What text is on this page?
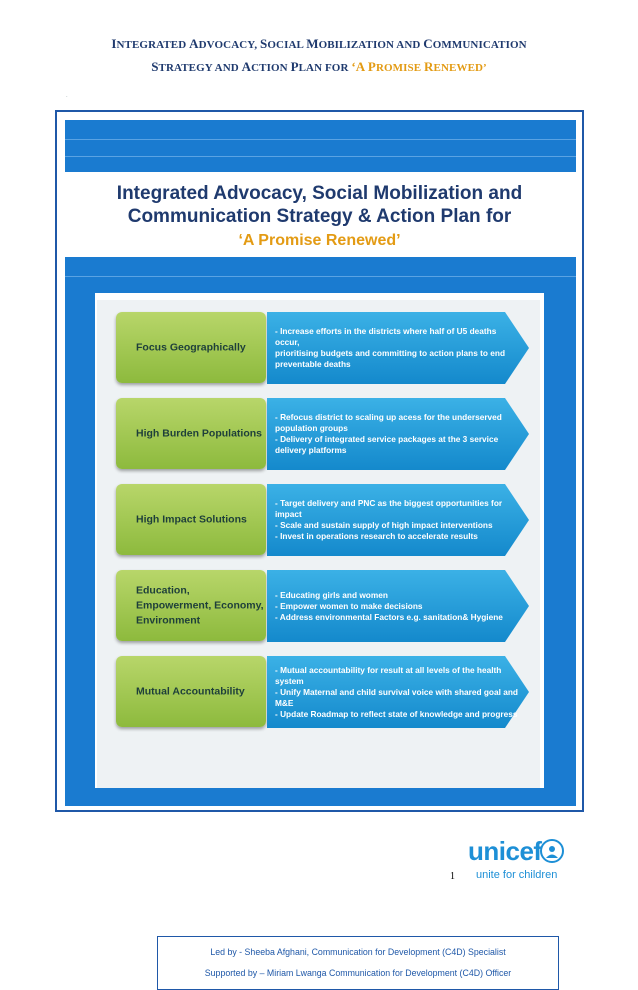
INTEGRATED ADVOCACY, SOCIAL MOBILIZATION AND COMMUNICATION
STRATEGY AND ACTION PLAN FOR ‘A PROMISE RENEWED’
.
Integrated Advocacy, Social Mobilization and
Communication Strategy & Action Plan for
‘A Promise Renewed’
Focus Geographically
- Increase efforts in the districts where half of U5 deaths occur,
prioritising budgets and committing to action plans to end
preventable deaths
High Burden Populations
- Refocus district to scaling up acess for the underserved
population groups
- Delivery of integrated service packages at the 3 service
delivery platforms
High Impact Solutions
- Target delivery and PNC as the biggest opportunities for impact
- Scale and sustain supply of high impact interventions
- Invest in operations research to accelerate results
Education, Empowerment, Economy, Environment
- Educating girls and women
- Empower women to make decisions
- Address environmental Factors e.g. sanitation& Hygiene
Mutual Accountability
- Mutual accountability for result at all levels of the health system
- Unify Maternal and child survival voice with shared goal and M&E
- Update Roadmap to reflect state of knowledge and progress
Led by - Sheeba Afghani, Communication for Development (C4D) Specialist
Supported by – Miriam Lwanga Communication for Development (C4D) Officer
unicef
unite for children
1
